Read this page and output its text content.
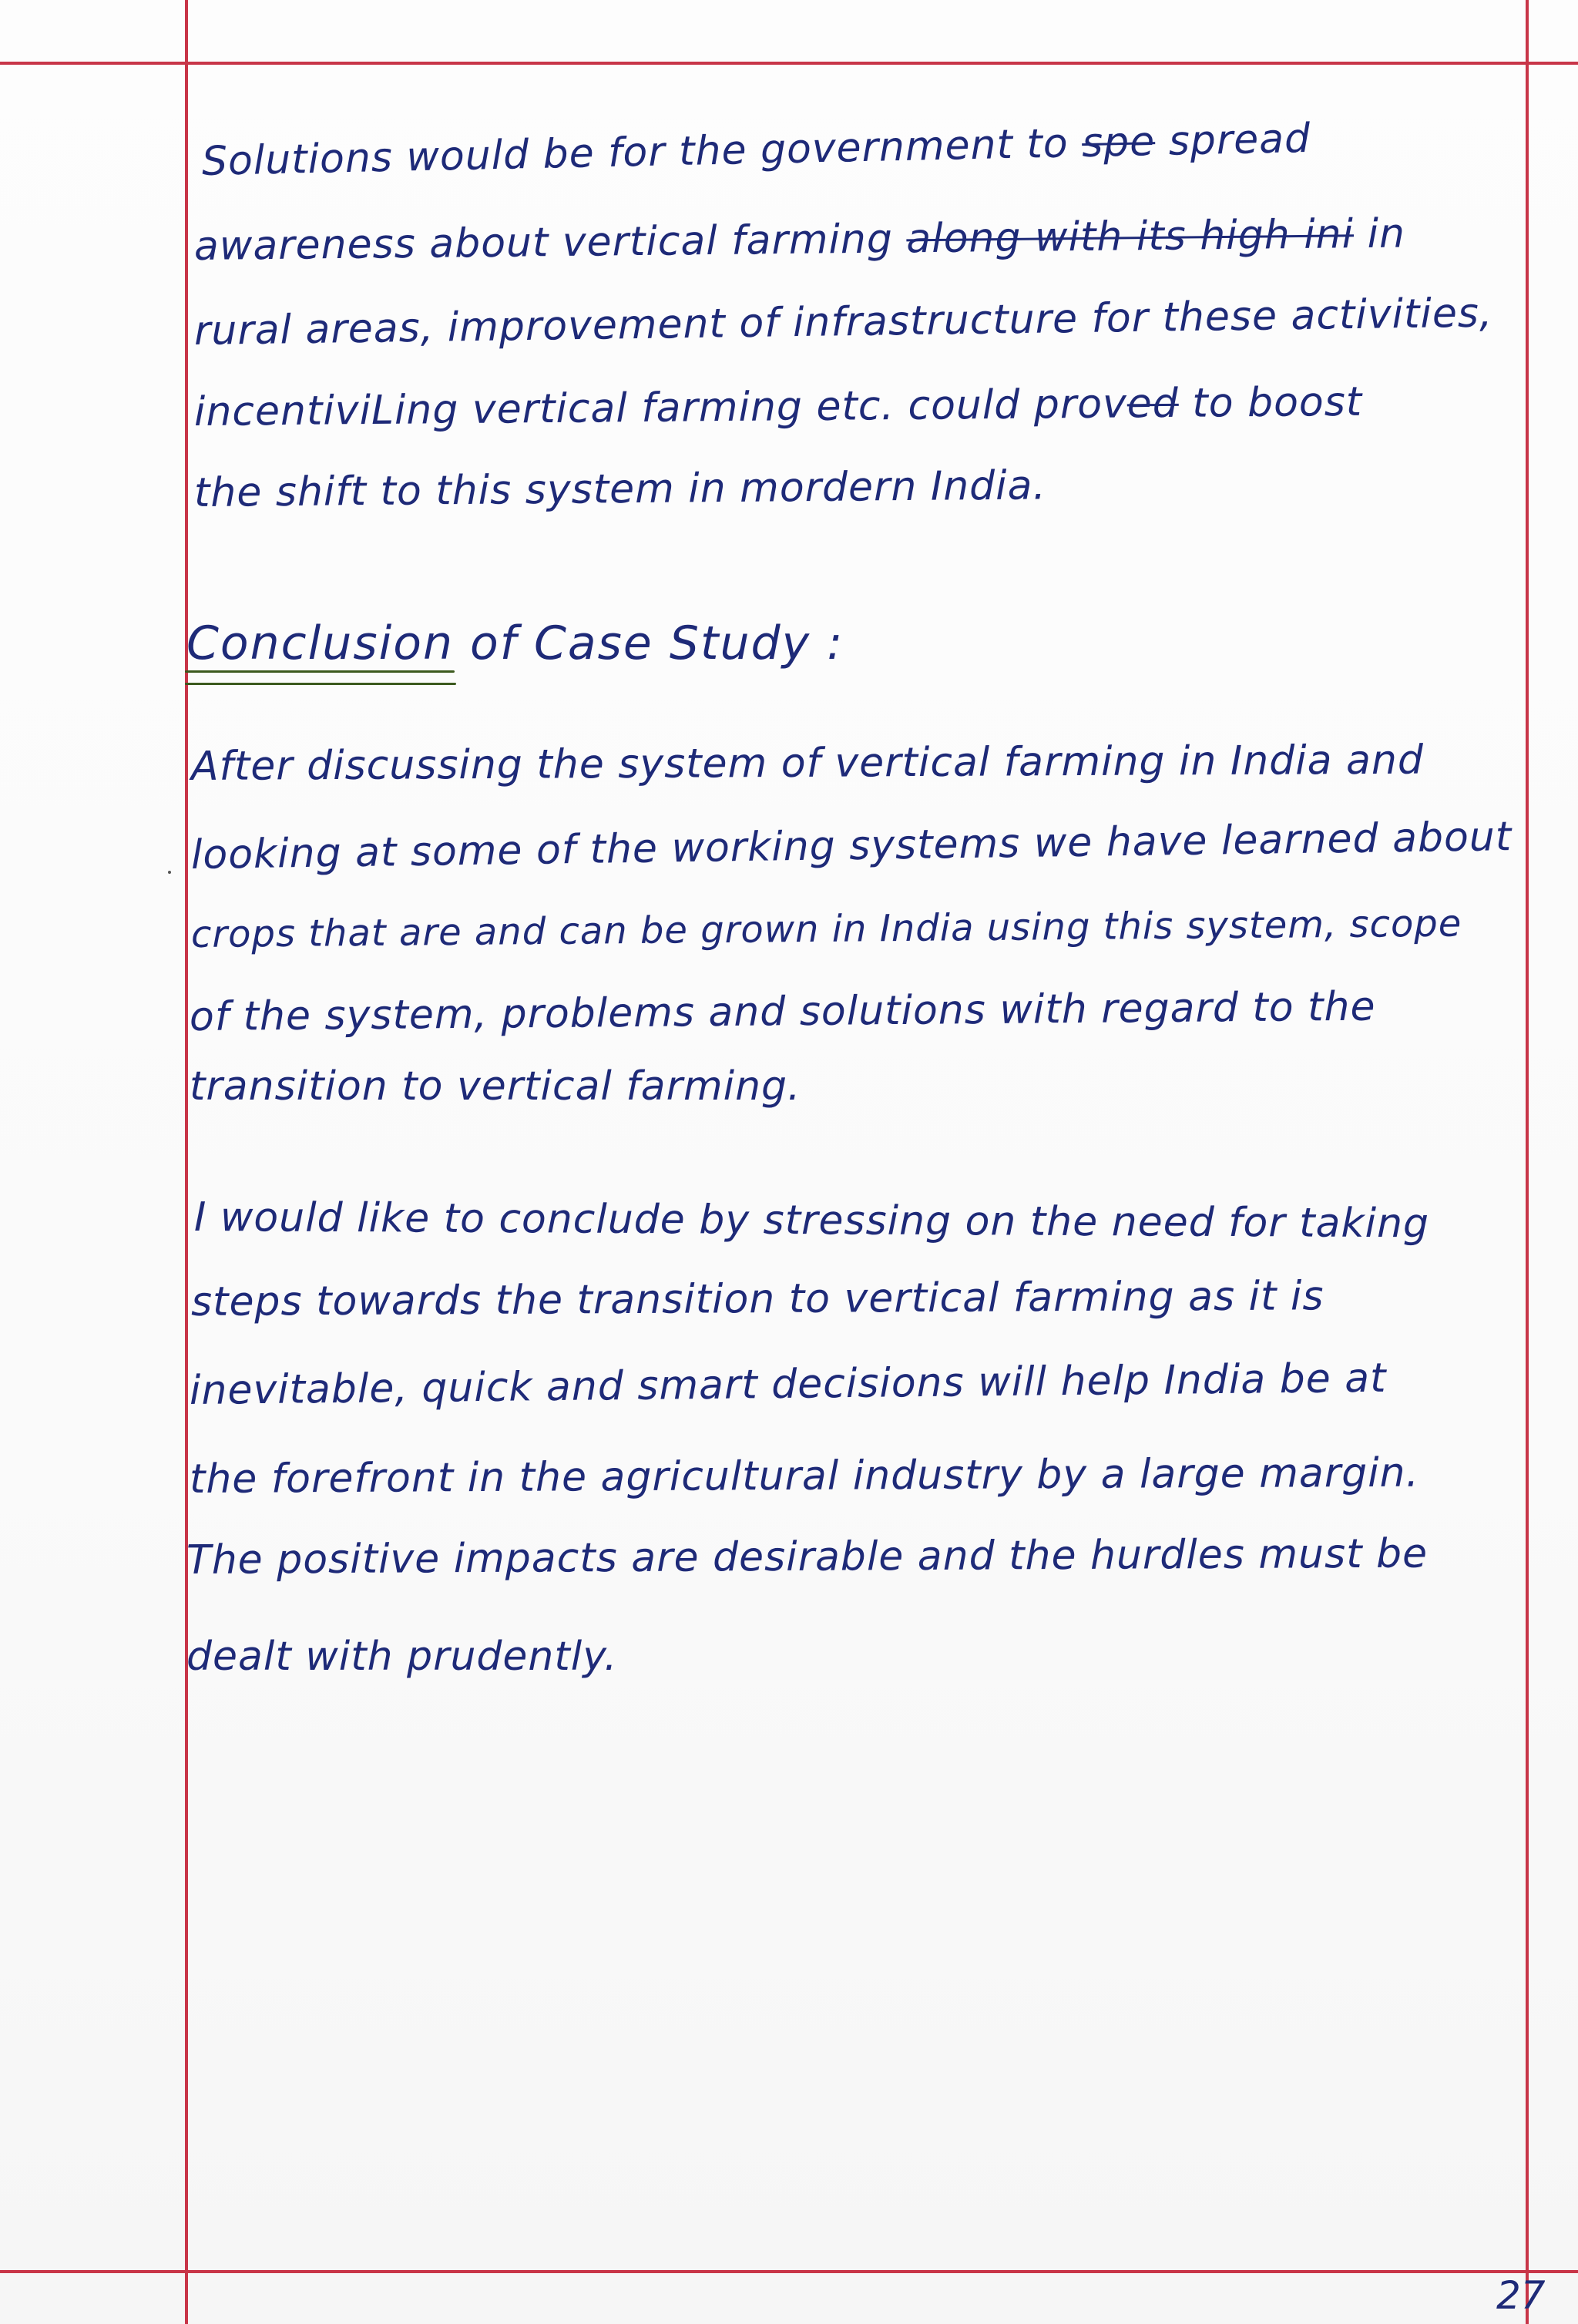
Solutions would be for the government to spe spread
awareness about vertical farming along with its high ini in
rural areas, improvement of infrastructure for these activities,
incentiviLing vertical farming etc. could proved to boost
the shift to this system in mordern India.
Conclusion of Case Study :
After discussing the system of vertical farming in India and
looking at some of the working systems we have learned about
crops that are and can be grown in India using this system, scope
of the system, problems and solutions with regard to the
transition to vertical farming.
I would like to conclude by stressing on the need for taking
steps towards the transition to vertical farming as it is
inevitable, quick and smart decisions will help India be at
the forefront in the agricultural industry by a large margin.
The positive impacts are desirable and the hurdles must be
dealt with prudently.
27
